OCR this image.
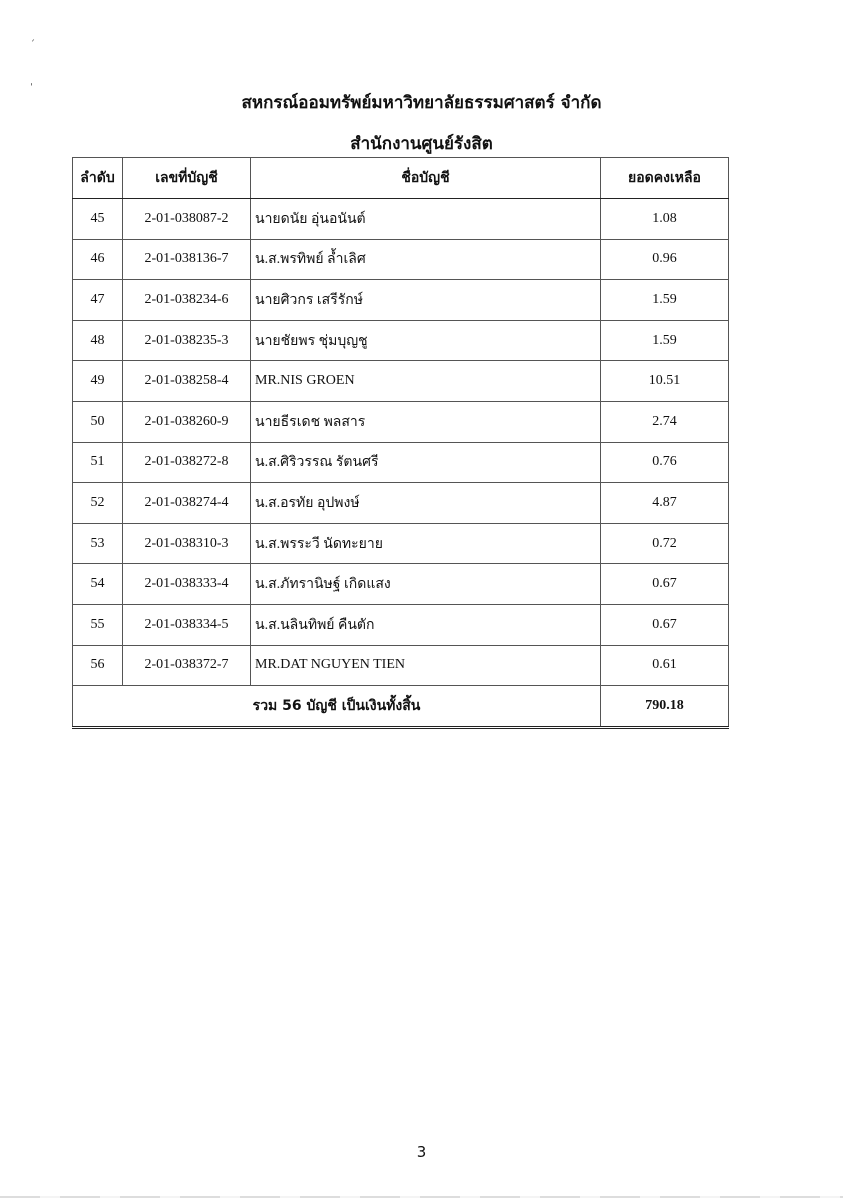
ˊ
ˌ
สหกรณ์ออมทรัพย์มหาวิทยาลัยธรรมศาสตร์ จำกัด
สำนักงานศูนย์รังสิต
ลำดับ	เลขที่บัญชี	ชื่อบัญชี	ยอดคงเหลือ
45	2-01-038087-2	นายดนัย อุ่นอนันต์	1.08
46	2-01-038136-7	น.ส.พรทิพย์ ล้ำเลิศ	0.96
47	2-01-038234-6	นายศิวกร เสรีรักษ์	1.59
48	2-01-038235-3	นายชัยพร ชุ่มบุญชู	1.59
49	2-01-038258-4	MR.NIS GROEN	10.51
50	2-01-038260-9	นายธีรเดช พลสาร	2.74
51	2-01-038272-8	น.ส.ศิริวรรณ รัตนศรี	0.76
52	2-01-038274-4	น.ส.อรทัย อุปพงษ์	4.87
53	2-01-038310-3	น.ส.พรระวี นัดทะยาย	0.72
54	2-01-038333-4	น.ส.ภัทรานิษฐ์ เกิดแสง	0.67
55	2-01-038334-5	น.ส.นลินทิพย์ คืนตัก	0.67
56	2-01-038372-7	MR.DAT NGUYEN TIEN	0.61
รวม 56 บัญชี เป็นเงินทั้งสิ้น			790.18
3
